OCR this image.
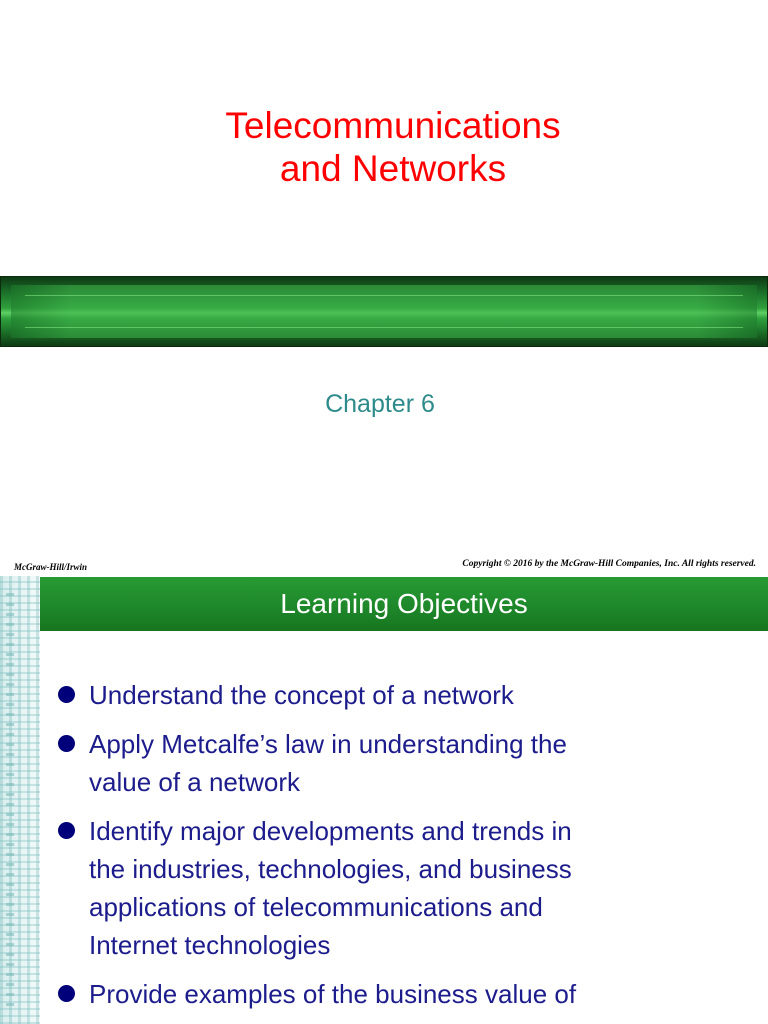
Telecommunications
and Networks
Chapter 6
McGraw-Hill/Irwin	Copyright © 2016 by the McGraw-Hill Companies, Inc. All rights reserved.
Learning Objectives
Understand the concept of a network
Apply Metcalfe’s law in understanding the
value of a network
Identify major developments and trends in
the industries, technologies, and business
applications of telecommunications and
Internet technologies
Provide examples of the business value of
